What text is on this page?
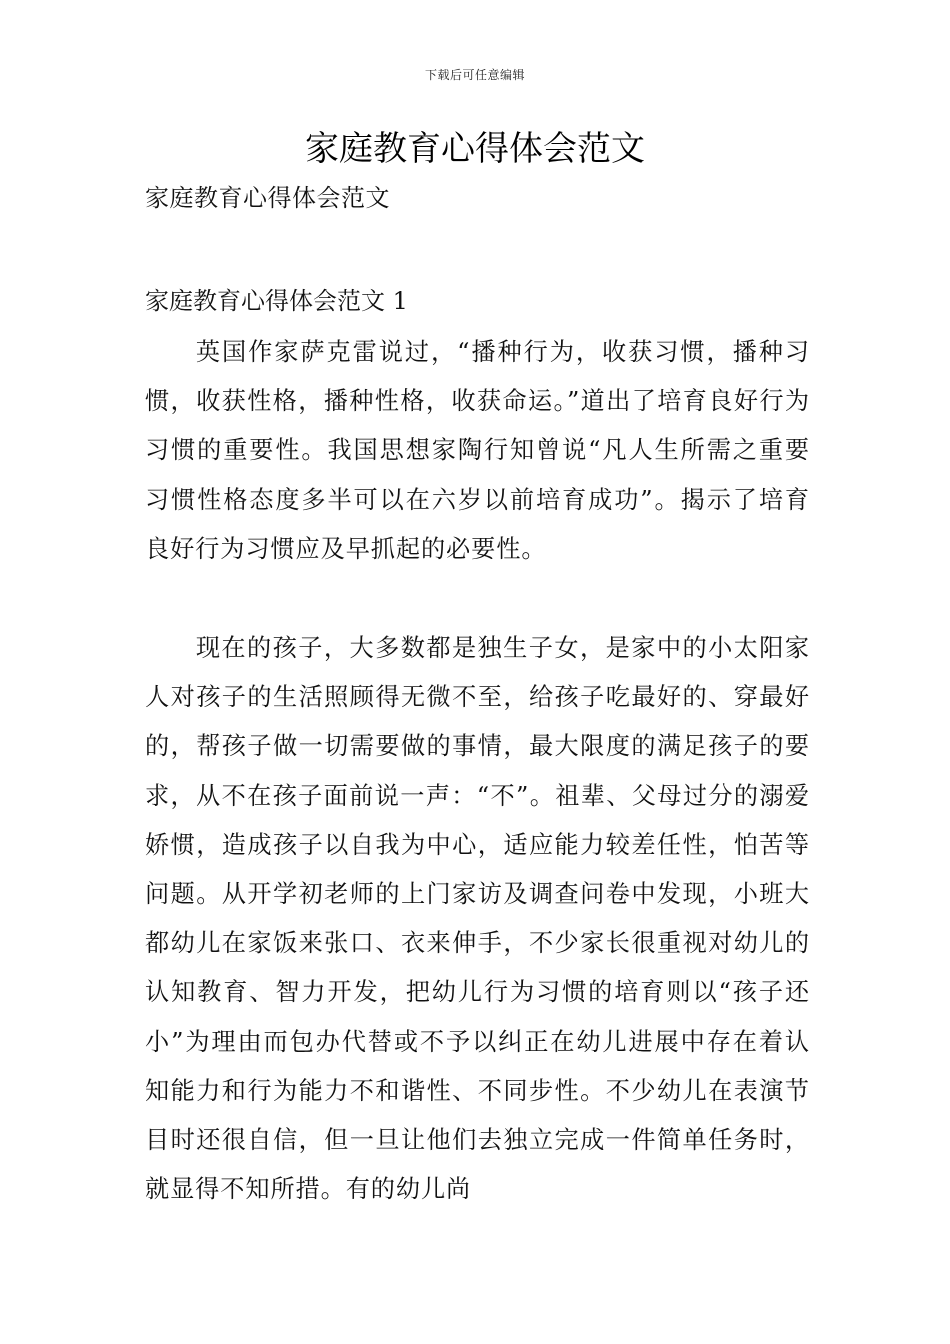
下载后可任意编辑
家庭教育心得体会范文
家庭教育心得体会范文
家庭教育心得体会范文 1

英国作家萨克雷说过，“播种行为，收获习惯，播种习惯，收获性格，播种性格，收获命运。”道出了培育良好行为习惯的重要性。我国思想家陶行知曾说“凡人生所需之重要习惯性格态度多半可以在六岁以前培育成功”。揭示了培育良好行为习惯应及早抓起的必要性。

现在的孩子，大多数都是独生子女，是家中的小太阳家人对孩子的生活照顾得无微不至，给孩子吃最好的、穿最好的，帮孩子做一切需要做的事情，最大限度的满足孩子的要求，从不在孩子面前说一声：“不”。祖辈、父母过分的溺爱娇惯，造成孩子以自我为中心，适应能力较差任性，怕苦等问题。从开学初老师的上门家访及调查问卷中发现，小班大都幼儿在家饭来张口、衣来伸手，不少家长很重视对幼儿的认知教育、智力开发，把幼儿行为习惯的培育则以“孩子还小”为理由而包办代替或不予以纠正在幼儿进展中存在着认知能力和行为能力不和谐性、不同步性。不少幼儿在表演节目时还很自信，但一旦让他们去独立完成一件简单任务时，就显得不知所措。有的幼儿尚
